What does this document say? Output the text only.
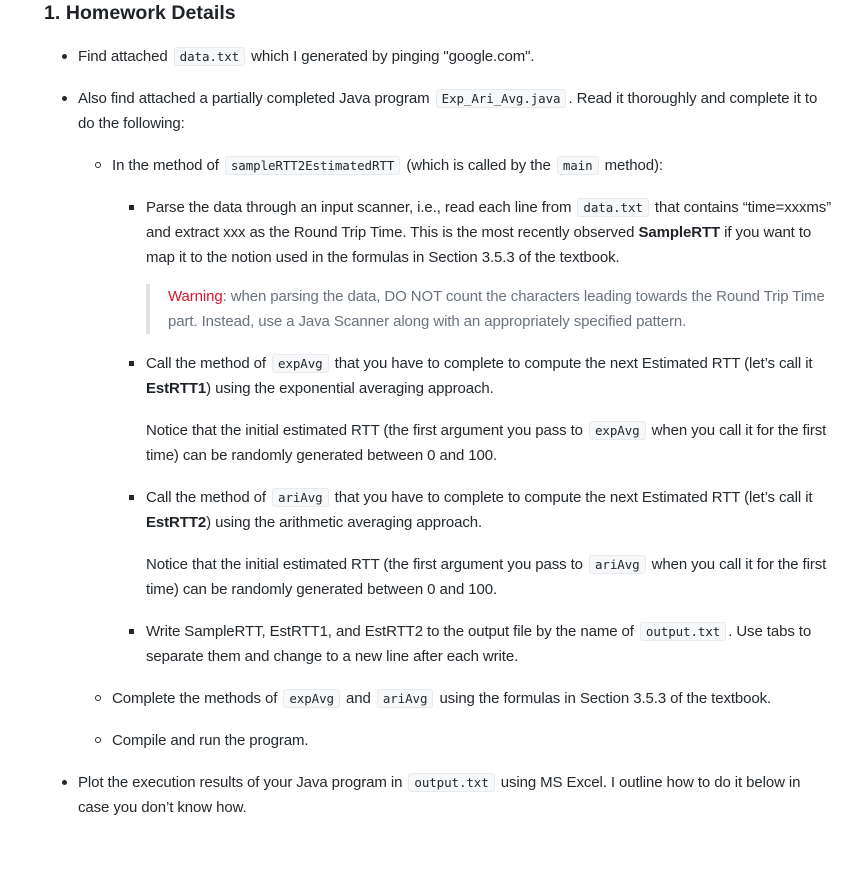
1. Homework Details
Find attached data.txt which I generated by pinging "google.com".
Also find attached a partially completed Java program Exp_Ari_Avg.java . Read it thoroughly and complete it to do the following:
In the method of sampleRTT2EstimatedRTT (which is called by the main method):
Parse the data through an input scanner, i.e., read each line from data.txt that contains “time=xxxms” and extract xxx as the Round Trip Time. This is the most recently observed SampleRTT if you want to map it to the notion used in the formulas in Section 3.5.3 of the textbook.
Warning: when parsing the data, DO NOT count the characters leading towards the Round Trip Time part. Instead, use a Java Scanner along with an appropriately specified pattern.
Call the method of expAvg that you have to complete to compute the next Estimated RTT (let’s call it EstRTT1) using the exponential averaging approach.

Notice that the initial estimated RTT (the first argument you pass to expAvg when you call it for the first time) can be randomly generated between 0 and 100.

Call the method of ariAvg that you have to complete to compute the next Estimated RTT (let’s call it EstRTT2) using the arithmetic averaging approach.

Notice that the initial estimated RTT (the first argument you pass to ariAvg when you call it for the first time) can be randomly generated between 0 and 100.

Write SampleRTT, EstRTT1, and EstRTT2 to the output file by the name of output.txt . Use tabs to separate them and change to a new line after each write.
Complete the methods of expAvg and ariAvg using the formulas in Section 3.5.3 of the textbook.
Compile and run the program.
Plot the execution results of your Java program in output.txt using MS Excel. I outline how to do it below in case you don’t know how.
